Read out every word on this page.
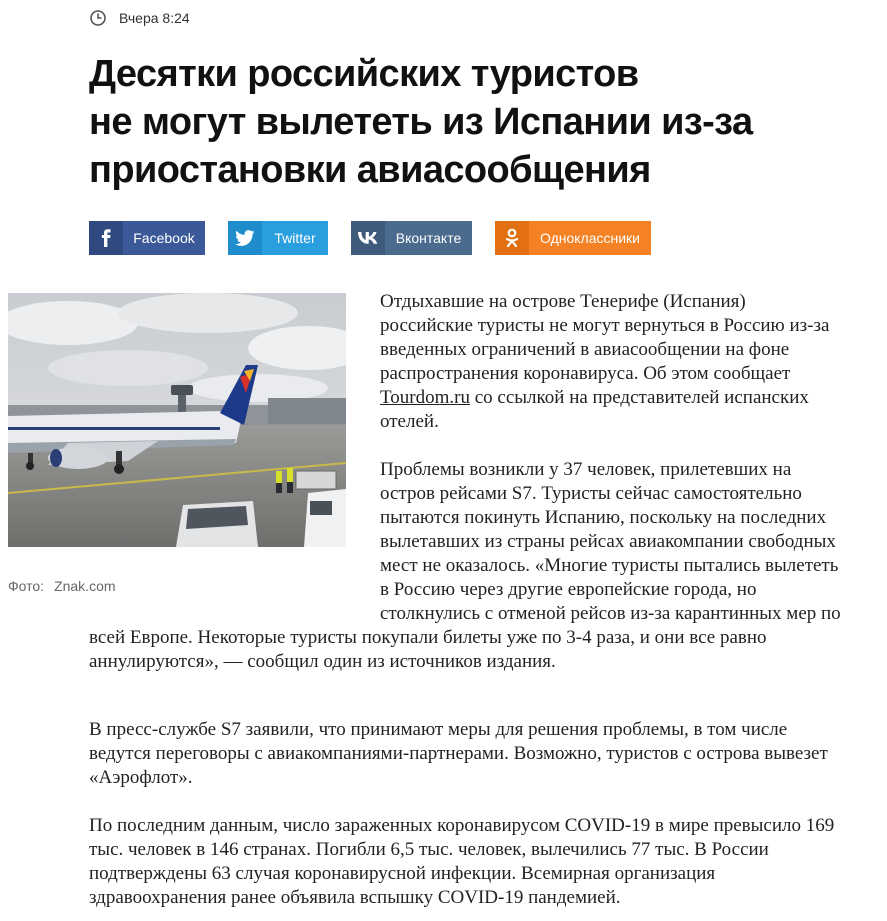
Вчера 8:24
Десятки российских туристов
не могут вылететь из Испании из-за
приостановки авиасообщения
Facebook	Twitter	Вконтакте	Одноклассники
Фото: Znak.com

Отдыхавшие на острове Тенерифе (Испания) российские туристы не могут вернуться в Россию из-за введенных ограничений в авиасообщении на фоне распространения коронавируса. Об этом сообщает Tourdom.ru со ссылкой на представителей испанских отелей.

Проблемы возникли у 37 человек, прилетевших на остров рейсами S7. Туристы сейчас самостоятельно пытаются покинуть Испанию, поскольку на последних вылетавших из страны рейсах авиакомпании свободных мест не оказалось. «Многие туристы пытались вылететь в Россию через другие европейские города, но столкнулись с отменой рейсов из-за карантинных мер по всей Европе. Некоторые туристы покупали билеты уже по 3-4 раза, и они все равно аннулируются», — сообщил один из источников издания.

В пресс-службе S7 заявили, что принимают меры для решения проблемы, в том числе ведутся переговоры с авиакомпаниями-партнерами. Возможно, туристов с острова вывезет «Аэрофлот».

По последним данным, число зараженных коронавирусом COVID-19 в мире превысило 169 тыс. человек в 146 странах. Погибли 6,5 тыс. человек, вылечились 77 тыс. В России подтверждены 63 случая коронавирусной инфекции. Всемирная организация здравоохранения ранее объявила вспышку COVID-19 пандемией.
